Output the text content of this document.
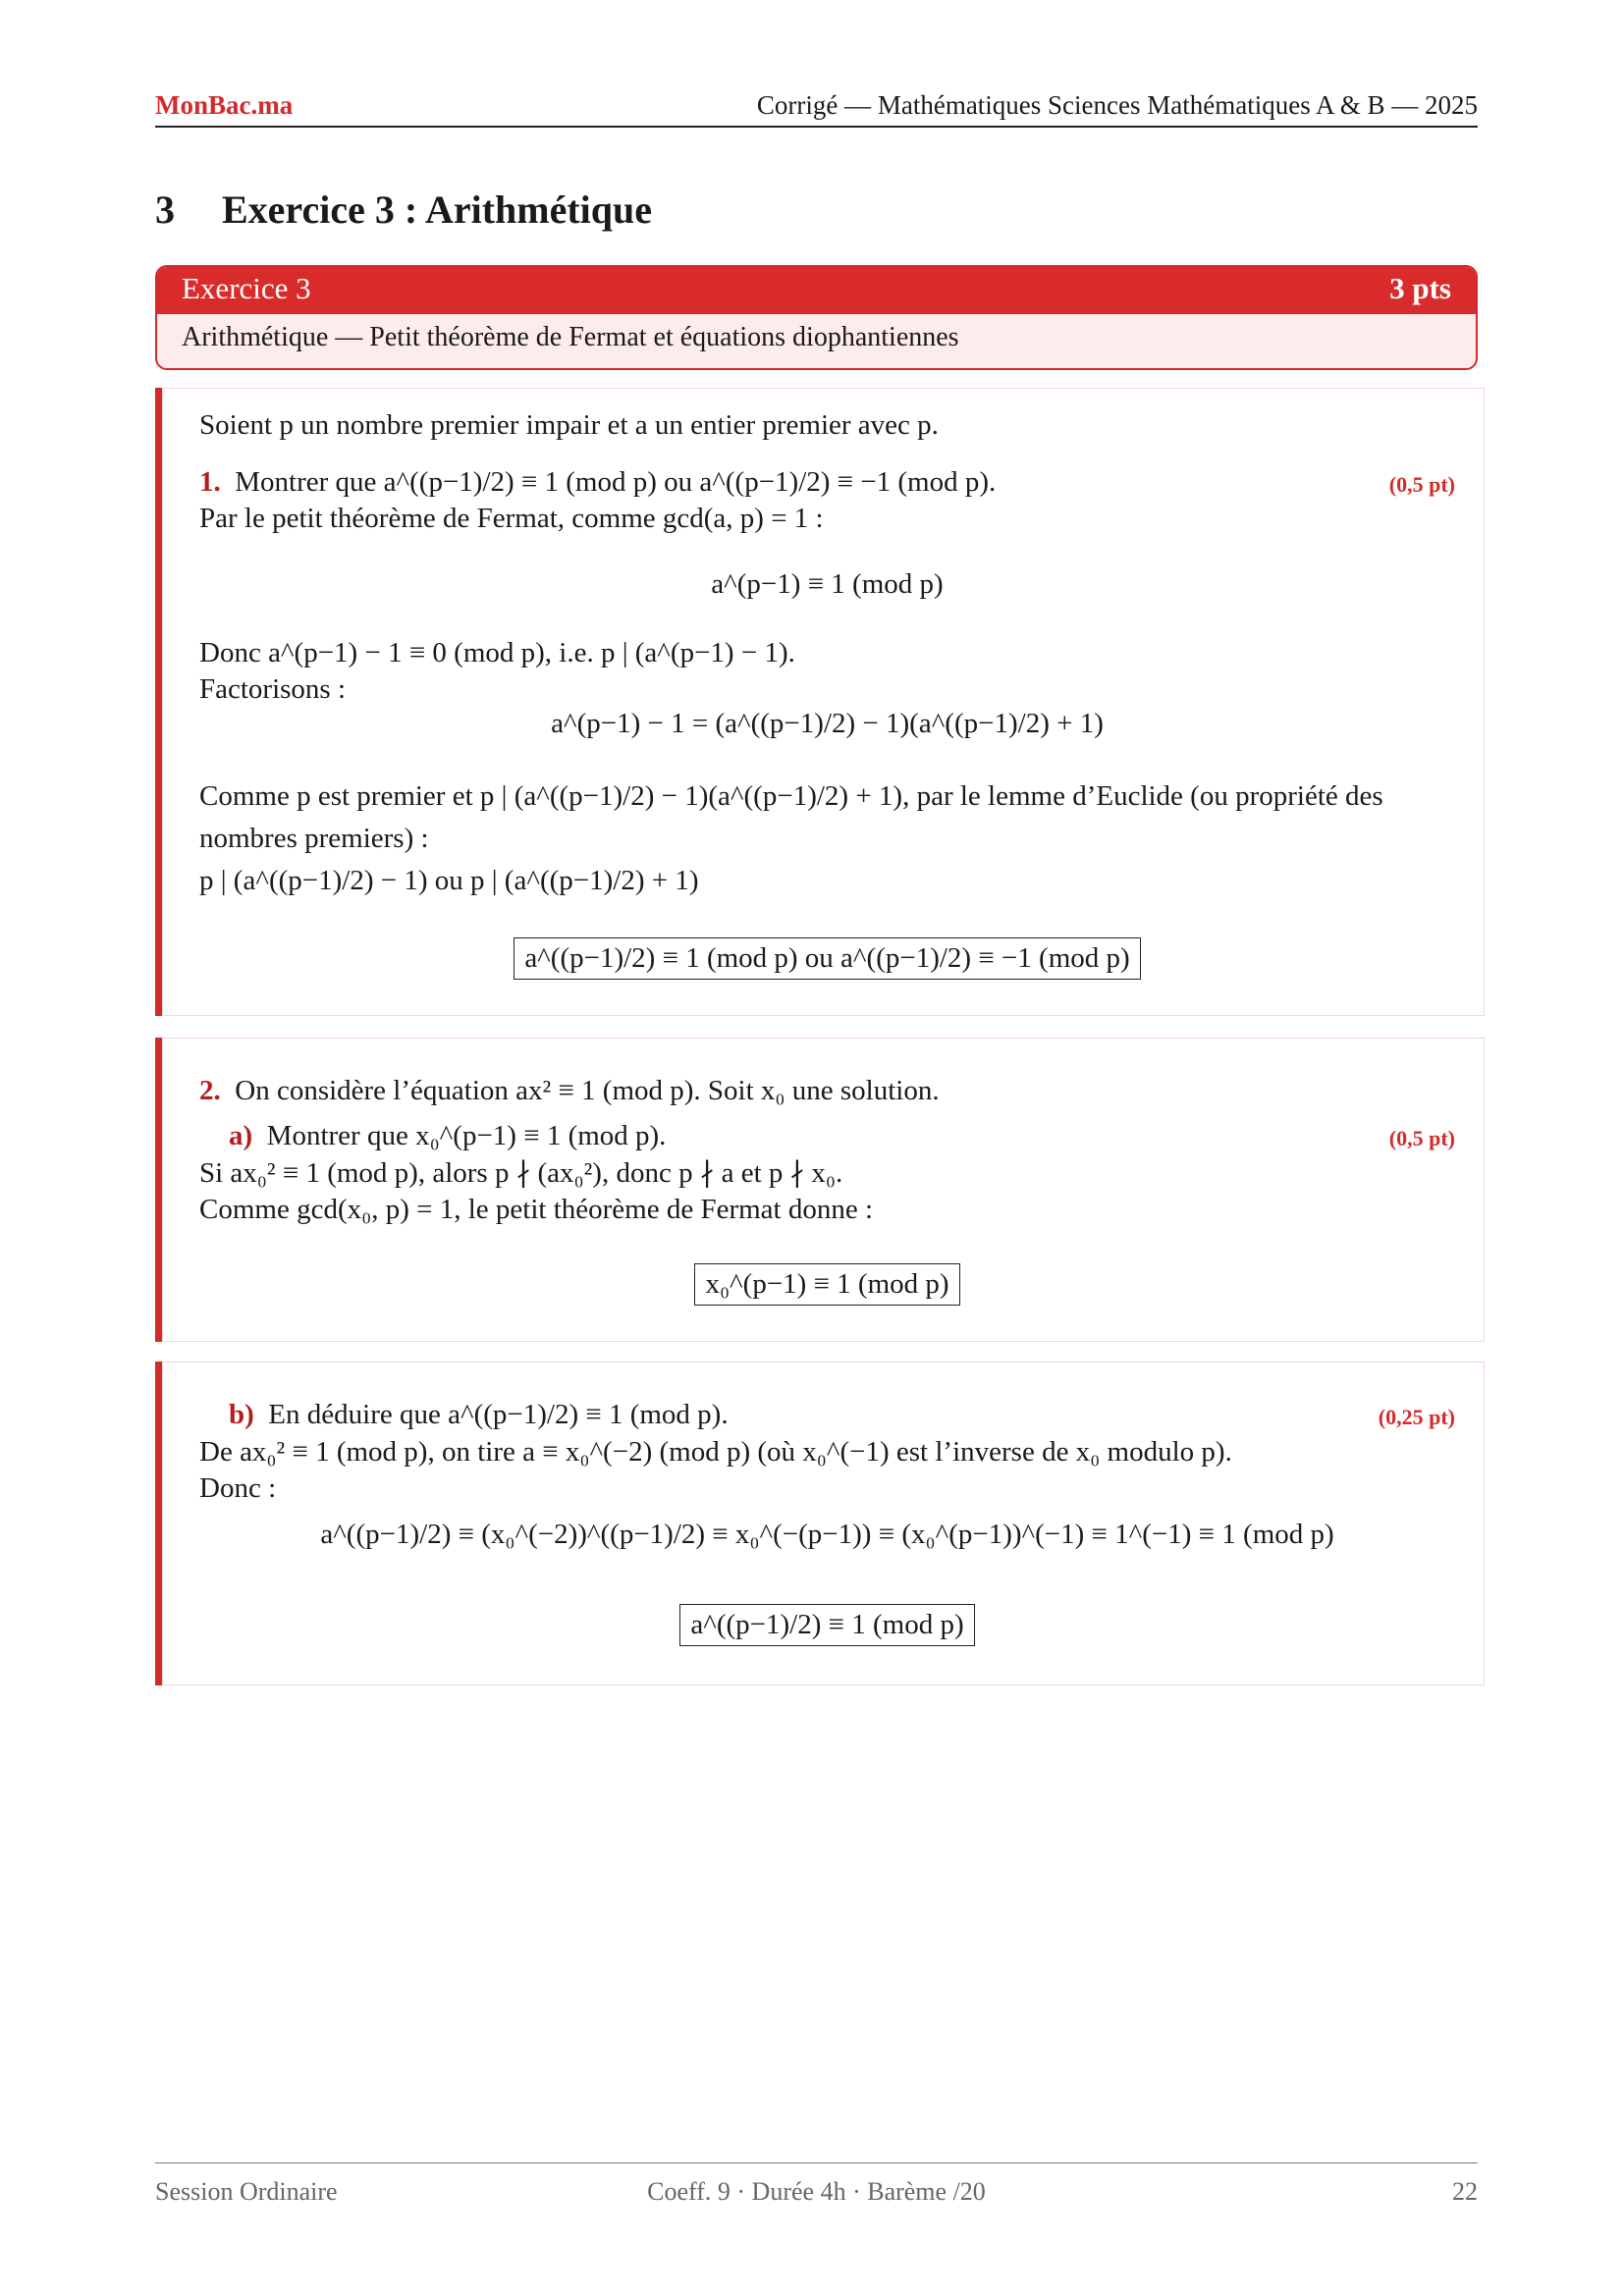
MonBac.ma	Corrigé — Mathématiques Sciences Mathématiques A & B — 2025
3 Exercice 3 : Arithmétique
Exercice 3	3 pts
Arithmétique — Petit théorème de Fermat et équations diophantiennes
Soient p un nombre premier impair et a un entier premier avec p.
1. Montrer que a^((p−1)/2) ≡ 1 (mod p) ou a^((p−1)/2) ≡ −1 (mod p).	(0,5 pt)
Par le petit théorème de Fermat, comme gcd(a, p) = 1 :
a^(p−1) ≡ 1 (mod p)
Donc a^(p−1) − 1 ≡ 0 (mod p), i.e. p | (a^(p−1) − 1).
Factorisons :
a^(p−1) − 1 = (a^((p−1)/2) − 1)(a^((p−1)/2) + 1)
Comme p est premier et p | (a^((p−1)/2) − 1)(a^((p−1)/2) + 1), par le lemme d’Euclide (ou propriété des
nombres premiers) :
p | (a^((p−1)/2) − 1) ou p | (a^((p−1)/2) + 1)
a^((p−1)/2) ≡ 1 (mod p) ou a^((p−1)/2) ≡ −1 (mod p)
2. On considère l’équation ax² ≡ 1 (mod p). Soit x₀ une solution.
a) Montrer que x₀^(p−1) ≡ 1 (mod p).	(0,5 pt)
Si ax₀² ≡ 1 (mod p), alors p ∤ (ax₀²), donc p ∤ a et p ∤ x₀.
Comme gcd(x₀, p) = 1, le petit théorème de Fermat donne :
x₀^(p−1) ≡ 1 (mod p)
b) En déduire que a^((p−1)/2) ≡ 1 (mod p).	(0,25 pt)
De ax₀² ≡ 1 (mod p), on tire a ≡ x₀^(−2) (mod p) (où x₀^(−1) est l’inverse de x₀ modulo p).
Donc :
a^((p−1)/2) ≡ (x₀^(−2))^((p−1)/2) ≡ x₀^(−(p−1)) ≡ (x₀^(p−1))^(−1) ≡ 1^(−1) ≡ 1 (mod p)
a^((p−1)/2) ≡ 1 (mod p)
Session Ordinaire	Coeff. 9 · Durée 4h · Barème /20	22
